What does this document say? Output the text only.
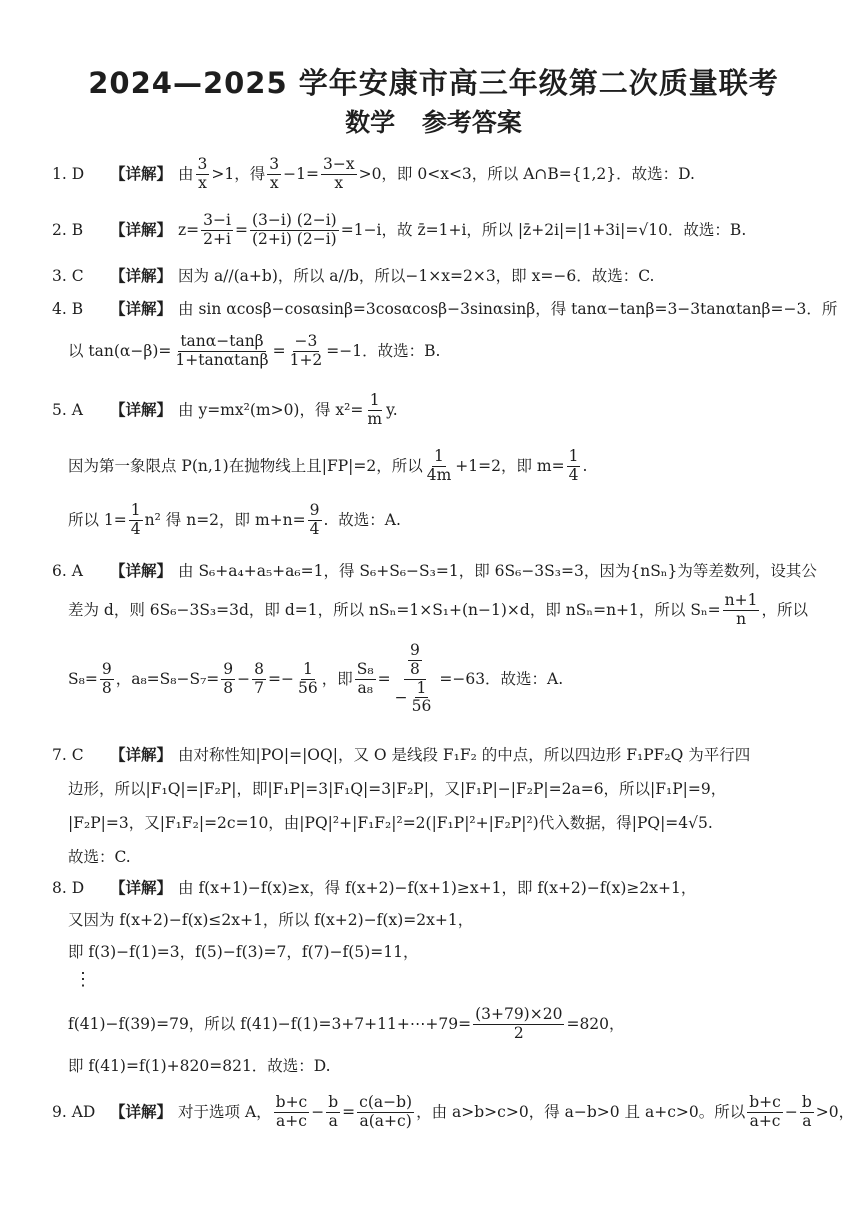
2024—2025 学年安康市高三年级第二次质量联考
数学 参考答案
1. D	【详解】 由 $\frac{3}{x} >1$，得 $\frac{3}{x} -1= \frac{3-x}{x} >0$，即 0<x<3，所以 A∩B={1,2}．故选：D.
2. B	【详解】 $z= \frac{3-i}{2+i} = \frac{(3-i) (2-i)}{(2+i) (2-i)} =1-i$，故 z̄=1+i，所以 |z̄+2i|=|1+3i|=√10．故选：B.
3. C	【详解】 因为 a//(a+b)，所以 a//b，所以−1×x=2×3，即 x=−6．故选：C.
4. B	【详解】 由 sin αcosβ−cosαsinβ=3cosαcosβ−3sinαsinβ，得 tanα−tanβ=3−3tanαtanβ=−3．所
以 $\tan(\alpha-\beta)= \frac{\tan\alpha-\tan\beta}{1+\tan\alpha\tan\beta} = \frac{-3}{1+2} =-1$．故选：B.
5. A	【详解】 由 y=mx²(m>0)，得 $x^2= \frac{1}{m} y$.
因为第一象限点 P(n,1)在抛物线上且|FP|=2，所以 $\frac{1}{4m} +1=2$，即 $m= \frac{1}{4}$ .
所以 $1= \frac{1}{4} n^2$ 得 n=2，即 $m+n= \frac{9}{4}$ .  故选：A.
6. A	【详解】 由 S₆+a₄+a₅+a₆=1，得 S₆+S₆−S₃=1，即 6S₆−3S₃=3，因为{nSₙ}为等差数列，设其公
差为 d，则 6S₆−3S₃=3d，即 d=1，所以 nSₙ=1×S₁+(n−1)×d，即 nSₙ=n+1，所以 $S_n= \frac{n+1}{n}$ ，所以
$S_8= \frac{9}{8}$ ，$a_8=S_8-S_7= \frac{9}{8} - \frac{8}{7} =- \frac{1}{56}$ ，即 $\frac{\text{S₈}}{\text{a₈}} = \frac{\frac{9}{8}}{- \frac{1}{56}} =-63$．故选：A.
7. C	【详解】 由对称性知|PO|=|OQ|，又 O 是线段 F₁F₂ 的中点，所以四边形 F₁PF₂Q 为平行四
边形，所以|F₁Q|=|F₂P|，即|F₁P|=3|F₁Q|=3|F₂P|，又|F₁P|−|F₂P|=2a=6，所以|F₁P|=9，
|F₂P|=3，又|F₁F₂|=2c=10，由|PQ|²+|F₁F₂|²=2(|F₁P|²+|F₂P|²)代入数据，得|PQ|=4√5.
故选：C.
8. D	【详解】 由 f(x+1)−f(x)≥x，得 f(x+2)−f(x+1)≥x+1，即 f(x+2)−f(x)≥2x+1，
又因为 f(x+2)−f(x)≤2x+1，所以 f(x+2)−f(x)=2x+1，
即 f(3)−f(1)=3，f(5)−f(3)=7，f(7)−f(5)=11，
⋮
f(41)−f(39)=79，所以 f(41)−f(1)=3+7+11+⋯+79= $\frac{(3+79)\times 20}{2} =820$，
即 f(41)=f(1)+820=821．故选：D.
9. AD 【详解】 对于选项 A， $\frac{b+c}{a+c} - \frac{b}{a} = \frac{c(a-b)}{a(a+c)}$ ，由 a>b>c>0，得 a−b>0 且 a+c>0。所以 $\frac{b+c}{a+c} - \frac{b}{a} >0$，
